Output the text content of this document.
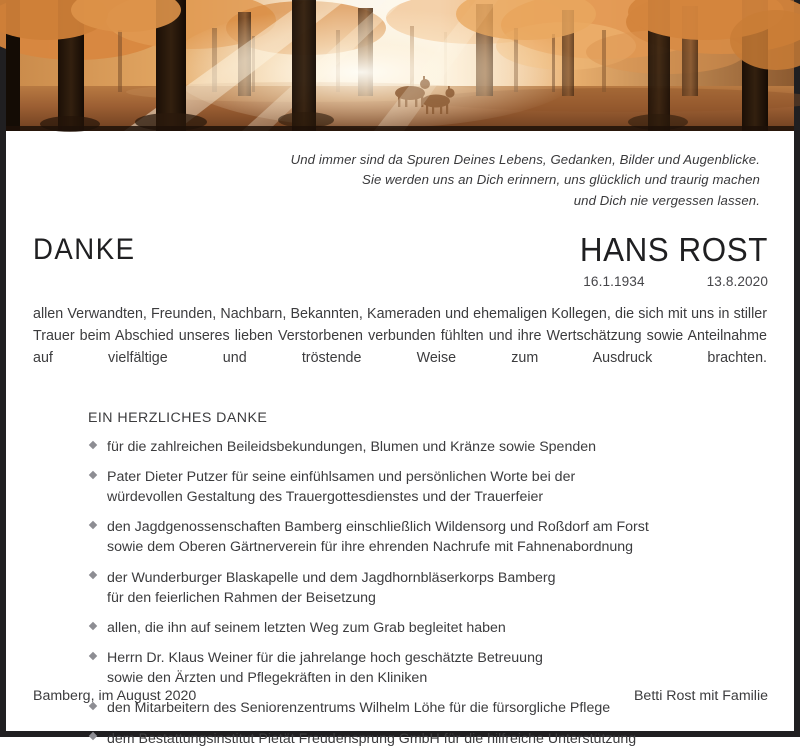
Und immer sind da Spuren Deines Lebens, Gedanken, Bilder und Augenblicke.
Sie werden uns an Dich erinnern, uns glücklich und traurig machen
und Dich nie vergessen lassen.
DANKE	HANS ROST
16.1.1934	13.8.2020

allen Verwandten, Freunden, Nachbarn, Bekannten, Kameraden und ehemaligen Kollegen, die sich mit uns in stiller Trauer beim Abschied unseres lieben Verstorbenen verbunden fühlten und ihre Wertschätzung sowie Anteilnahme auf vielfältige und tröstende Weise zum Ausdruck brachten.

EIN HERZLICHES DANKE
für die zahlreichen Beileidsbekundungen, Blumen und Kränze sowie Spenden
Pater Dieter Putzer für seine einfühlsamen und persönlichen Worte bei der
würdevollen Gestaltung des Trauergottesdienstes und der Trauerfeier
den Jagdgenossenschaften Bamberg einschließlich Wildensorg und Roßdorf am Forst
sowie dem Oberen Gärtnerverein für ihre ehrenden Nachrufe mit Fahnenabordnung
der Wunderburger Blaskapelle und dem Jagdhornbläserkorps Bamberg
für den feierlichen Rahmen der Beisetzung
allen, die ihn auf seinem letzten Weg zum Grab begleitet haben
Herrn Dr. Klaus Weiner für die jahrelange hoch geschätzte Betreuung
sowie den Ärzten und Pflegekräften in den Kliniken
den Mitarbeitern des Seniorenzentrums Wilhelm Löhe für die fürsorgliche Pflege
dem Bestattungsinstitut Pietät Freudensprung GmbH für die hilfreiche Unterstützung
Bamberg, im August 2020	Betti Rost mit Familie
